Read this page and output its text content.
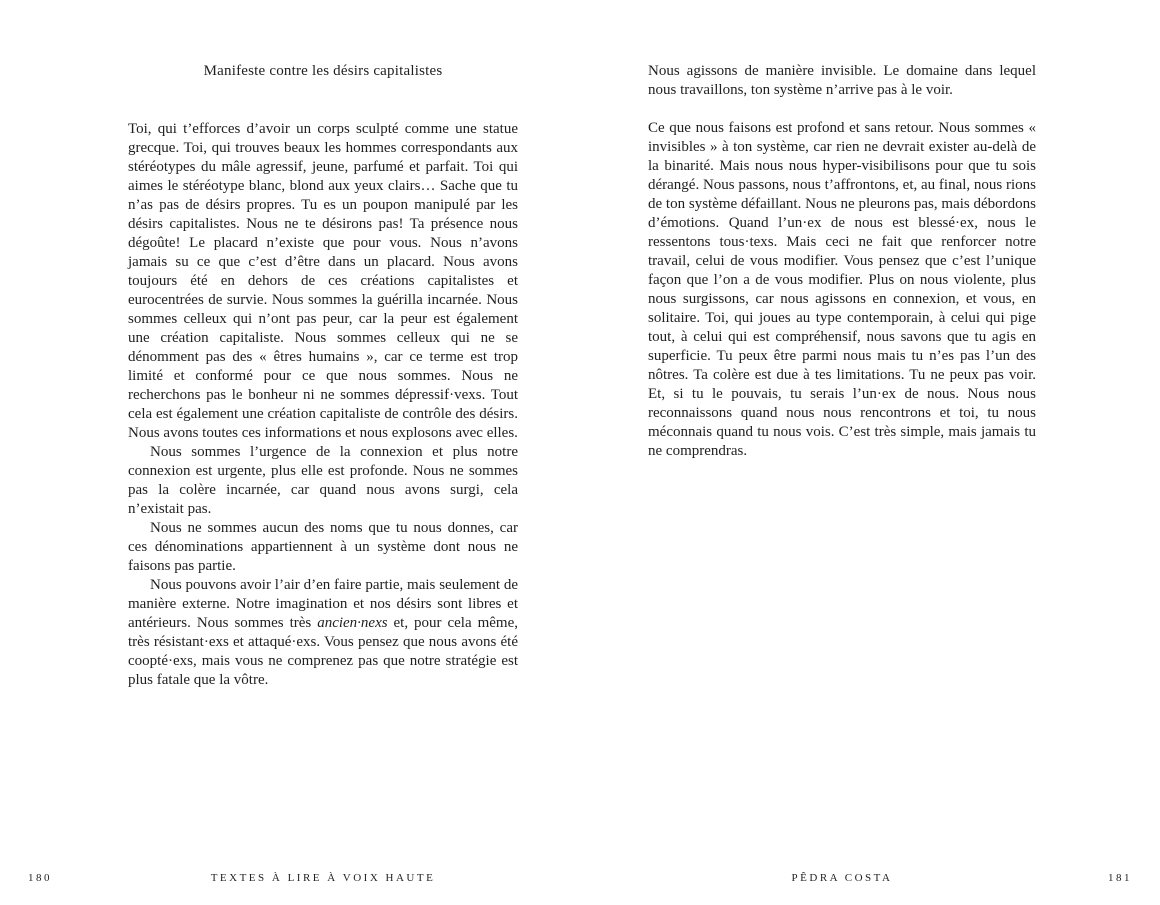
Manifeste contre les désirs capitalistes

Toi, qui t’efforces d’avoir un corps sculpté comme une statue grecque. Toi, qui trouves beaux les hommes correspondants aux stéréotypes du mâle agressif, jeune, parfumé et parfait. Toi qui aimes le stéréotype blanc, blond aux yeux clairs… Sache que tu n’as pas de désirs propres. Tu es un poupon manipulé par les désirs capitalistes. Nous ne te désirons pas! Ta présence nous dégoûte! Le placard n’existe que pour vous. Nous n’avons jamais su ce que c’est d’être dans un placard. Nous avons toujours été en dehors de ces créations capitalistes et eurocentrées de survie. Nous sommes la guérilla incarnée. Nous sommes celleux qui n’ont pas peur, car la peur est également une création capitaliste. Nous sommes celleux qui ne se dénomment pas des « êtres humains », car ce terme est trop limité et conformé pour ce que nous sommes. Nous ne recherchons pas le bonheur ni ne sommes dépressif·vexs. Tout cela est également une création capitaliste de contrôle des désirs. Nous avons toutes ces informations et nous explosons avec elles.

Nous sommes l’urgence de la connexion et plus notre connexion est urgente, plus elle est profonde. Nous ne sommes pas la colère incarnée, car quand nous avons surgi, cela n’existait pas.

Nous ne sommes aucun des noms que tu nous donnes, car ces dénominations appartiennent à un système dont nous ne faisons pas partie.

Nous pouvons avoir l’air d’en faire partie, mais seulement de manière externe. Notre imagination et nos désirs sont libres et antérieurs. Nous sommes très ancien·nexs et, pour cela même, très résistant·exs et attaqué·exs. Vous pensez que nous avons été coopté·exs, mais vous ne comprenez pas que notre stratégie est plus fatale que la vôtre.

Nous agissons de manière invisible. Le domaine dans lequel nous travaillons, ton système n’arrive pas à le voir.

Ce que nous faisons est profond et sans retour. Nous sommes « invisibles » à ton système, car rien ne devrait exister au-delà de la binarité. Mais nous nous hyper-visibilisons pour que tu sois dérangé. Nous passons, nous t’affrontons, et, au final, nous rions de ton système défaillant. Nous ne pleurons pas, mais débordons d’émotions. Quand l’un·ex de nous est blessé·ex, nous le ressentons tous·texs. Mais ceci ne fait que renforcer notre travail, celui de vous modifier. Vous pensez que c’est l’unique façon que l’on a de vous modifier. Plus on nous violente, plus nous surgissons, car nous agissons en connexion, et vous, en solitaire. Toi, qui joues au type contemporain, à celui qui pige tout, à celui qui est compréhensif, nous savons que tu agis en superficie. Tu peux être parmi nous mais tu n’es pas l’un des nôtres. Ta colère est due à tes limitations. Tu ne peux pas voir. Et, si tu le pouvais, tu serais l’un·ex de nous. Nous nous reconnaissons quand nous nous rencontrons et toi, tu nous méconnais quand tu nous vois. C’est très simple, mais jamais tu ne comprendras.

180	TEXTES À LIRE À VOIX HAUTE	PÊDRA COSTA	181
